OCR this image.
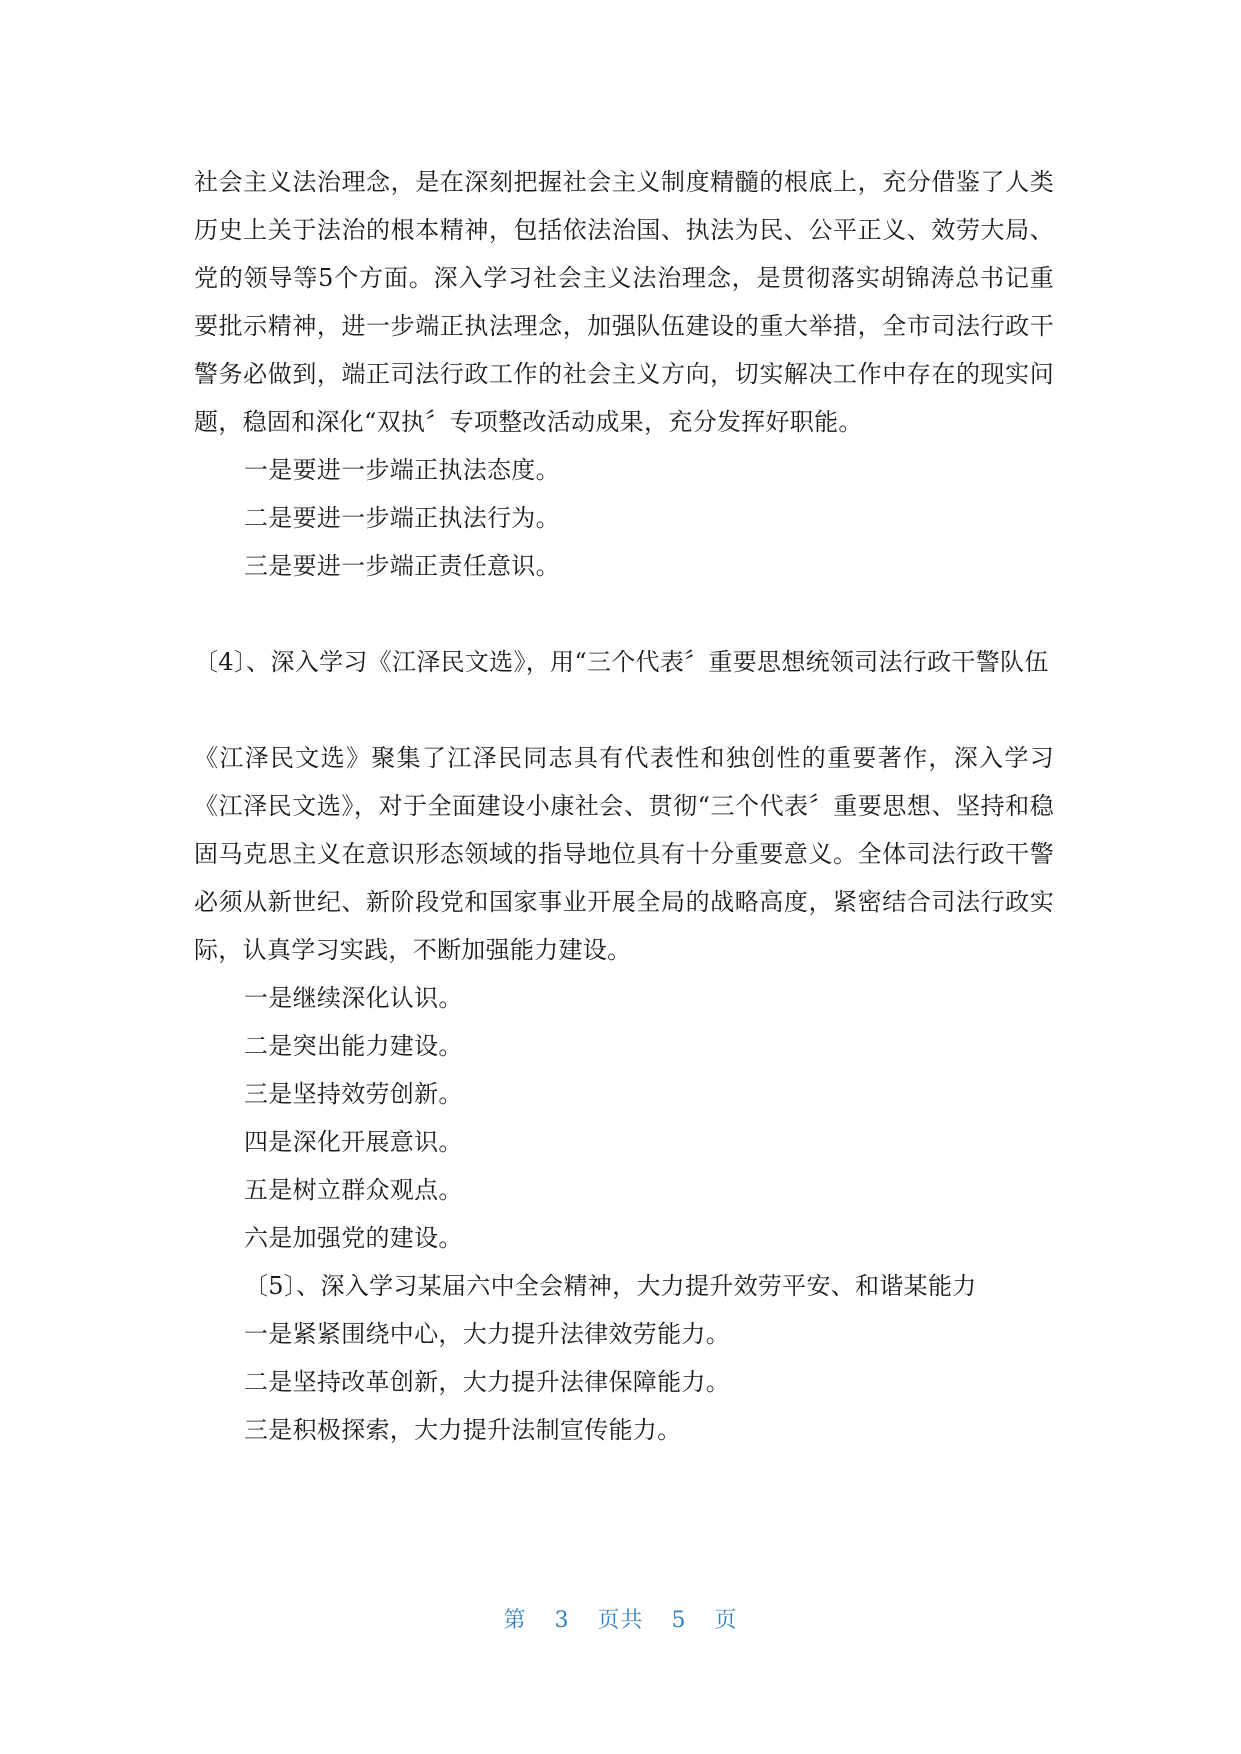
社会主义法治理念，是在深刻把握社会主义制度精髓的根底上，充分借鉴了人类历史上关于法治的根本精神，包括依法治国、执法为民、公平正义、效劳大局、党的领导等5个方面。深入学习社会主义法治理念，是贯彻落实胡锦涛总书记重要批示精神，进一步端正执法理念，加强队伍建设的重大举措，全市司法行政干警务必做到，端正司法行政工作的社会主义方向，切实解决工作中存在的现实问题，稳固和深化“双执〞专项整改活动成果，充分发挥好职能。

一是要进一步端正执法态度。

二是要进一步端正执法行为。

三是要进一步端正责任意识。

〔4〕、深入学习《江泽民文选》，用“三个代表〞重要思想统领司法行政干警队伍

《江泽民文选》聚集了江泽民同志具有代表性和独创性的重要著作，深入学习《江泽民文选》，对于全面建设小康社会、贯彻“三个代表〞重要思想、坚持和稳固马克思主义在意识形态领域的指导地位具有十分重要意义。全体司法行政干警必须从新世纪、新阶段党和国家事业开展全局的战略高度，紧密结合司法行政实际，认真学习实践，不断加强能力建设。

一是继续深化认识。

二是突出能力建设。

三是坚持效劳创新。

四是深化开展意识。

五是树立群众观点。

六是加强党的建设。

〔5〕、深入学习某届六中全会精神，大力提升效劳平安、和谐某能力

一是紧紧围绕中心，大力提升法律效劳能力。

二是坚持改革创新，大力提升法律保障能力。

三是积极探索，大力提升法制宣传能力。

第 3 页共 5 页
